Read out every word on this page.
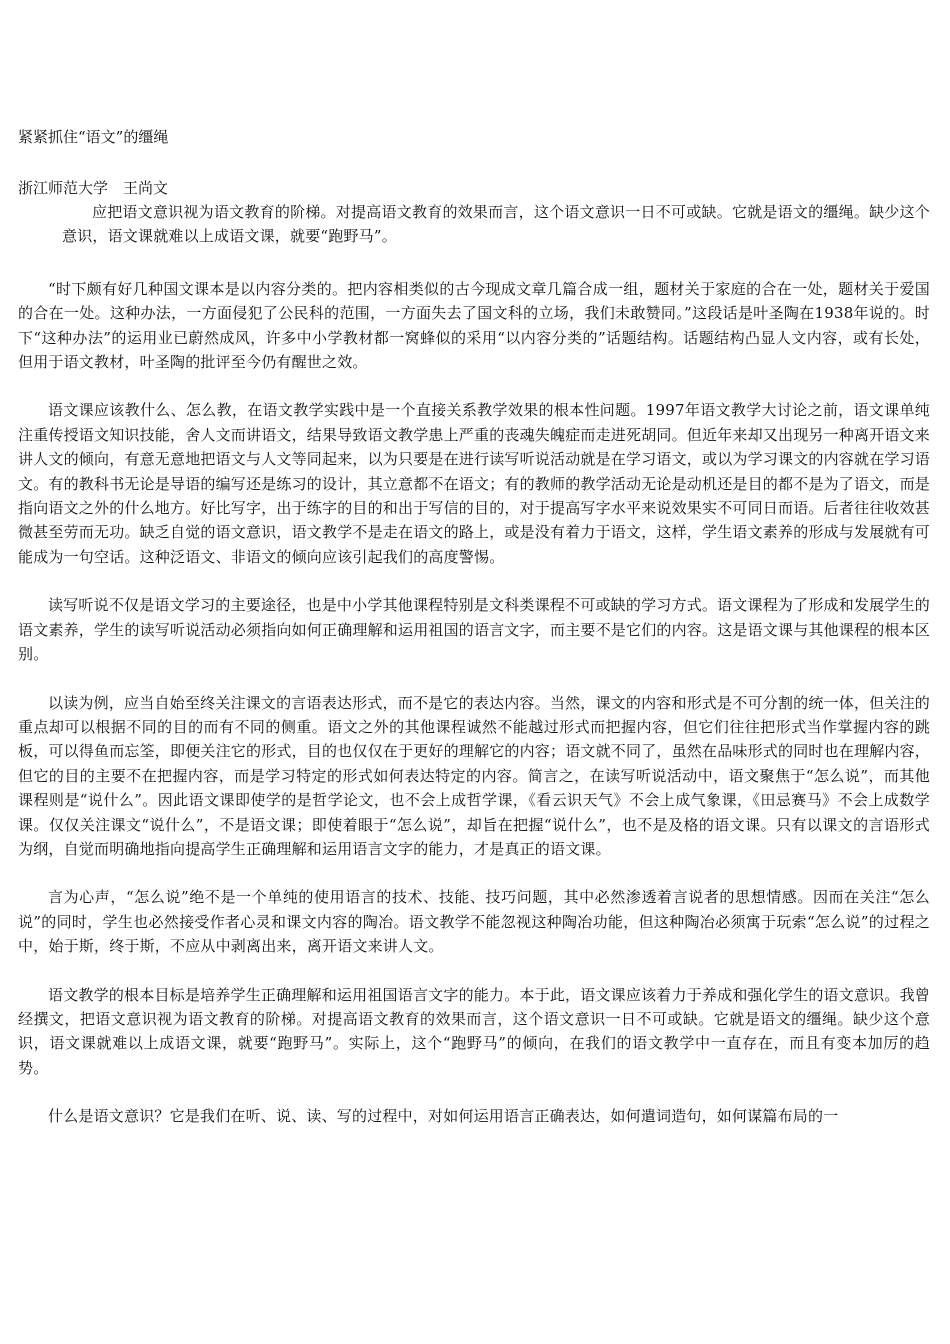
紧紧抓住“语文”的缰绳
浙江师范大学　王尚文

应把语文意识视为语文教育的阶梯。对提高语文教育的效果而言，这个语文意识一日不可或缺。它就是语文的缰绳。缺少这个意识，语文课就难以上成语文课，就要“跑野马”。

“时下颇有好几种国文课本是以内容分类的。把内容相类似的古今现成文章几篇合成一组，题材关于家庭的合在一处，题材关于爱国的合在一处。这种办法，一方面侵犯了公民科的范围，一方面失去了国文科的立场，我们未敢赞同。”这段话是叶圣陶在1938年说的。时下“这种办法”的运用业已蔚然成风，许多中小学教材都一窝蜂似的采用“以内容分类的”话题结构。话题结构凸显人文内容，或有长处，但用于语文教材，叶圣陶的批评至今仍有醒世之效。

语文课应该教什么、怎么教，在语文教学实践中是一个直接关系教学效果的根本性问题。1997年语文教学大讨论之前，语文课单纯注重传授语文知识技能，舍人文而讲语文，结果导致语文教学患上严重的丧魂失魄症而走进死胡同。但近年来却又出现另一种离开语文来讲人文的倾向，有意无意地把语文与人文等同起来，以为只要是在进行读写听说活动就是在学习语文，或以为学习课文的内容就在学习语文。有的教科书无论是导语的编写还是练习的设计，其立意都不在语文；有的教师的教学活动无论是动机还是目的都不是为了语文，而是指向语文之外的什么地方。好比写字，出于练字的目的和出于写信的目的，对于提高写字水平来说效果实不可同日而语。后者往往收效甚微甚至劳而无功。缺乏自觉的语文意识，语文教学不是走在语文的路上，或是没有着力于语文，这样，学生语文素养的形成与发展就有可能成为一句空话。这种泛语文、非语文的倾向应该引起我们的高度警惕。

读写听说不仅是语文学习的主要途径，也是中小学其他课程特别是文科类课程不可或缺的学习方式。语文课程为了形成和发展学生的语文素养，学生的读写听说活动必须指向如何正确理解和运用祖国的语言文字，而主要不是它们的内容。这是语文课与其他课程的根本区别。

以读为例，应当自始至终关注课文的言语表达形式，而不是它的表达内容。当然，课文的内容和形式是不可分割的统一体，但关注的重点却可以根据不同的目的而有不同的侧重。语文之外的其他课程诚然不能越过形式而把握内容，但它们往往把形式当作掌握内容的跳板，可以得鱼而忘筌，即便关注它的形式，目的也仅仅在于更好的理解它的内容；语文就不同了，虽然在品味形式的同时也在理解内容，但它的目的主要不在把握内容，而是学习特定的形式如何表达特定的内容。简言之，在读写听说活动中，语文聚焦于“怎么说”，而其他课程则是“说什么”。因此语文课即使学的是哲学论文，也不会上成哲学课，《看云识天气》不会上成气象课，《田忌赛马》不会上成数学课。仅仅关注课文“说什么”，不是语文课；即使着眼于“怎么说”，却旨在把握“说什么”，也不是及格的语文课。只有以课文的言语形式为纲，自觉而明确地指向提高学生正确理解和运用语言文字的能力，才是真正的语文课。

言为心声，“怎么说”绝不是一个单纯的使用语言的技术、技能、技巧问题，其中必然渗透着言说者的思想情感。因而在关注“怎么说”的同时，学生也必然接受作者心灵和课文内容的陶冶。语文教学不能忽视这种陶冶功能，但这种陶冶必须寓于玩索“怎么说”的过程之中，始于斯，终于斯，不应从中剥离出来，离开语文来讲人文。

语文教学的根本目标是培养学生正确理解和运用祖国语言文字的能力。本于此，语文课应该着力于养成和强化学生的语文意识。我曾经撰文，把语文意识视为语文教育的阶梯。对提高语文教育的效果而言，这个语文意识一日不可或缺。它就是语文的缰绳。缺少这个意识，语文课就难以上成语文课，就要“跑野马”。实际上，这个“跑野马”的倾向，在我们的语文教学中一直存在，而且有变本加厉的趋势。

什么是语文意识？它是我们在听、说、读、写的过程中，对如何运用语言正确表达，如何遣词造句，如何谋篇布局的一
